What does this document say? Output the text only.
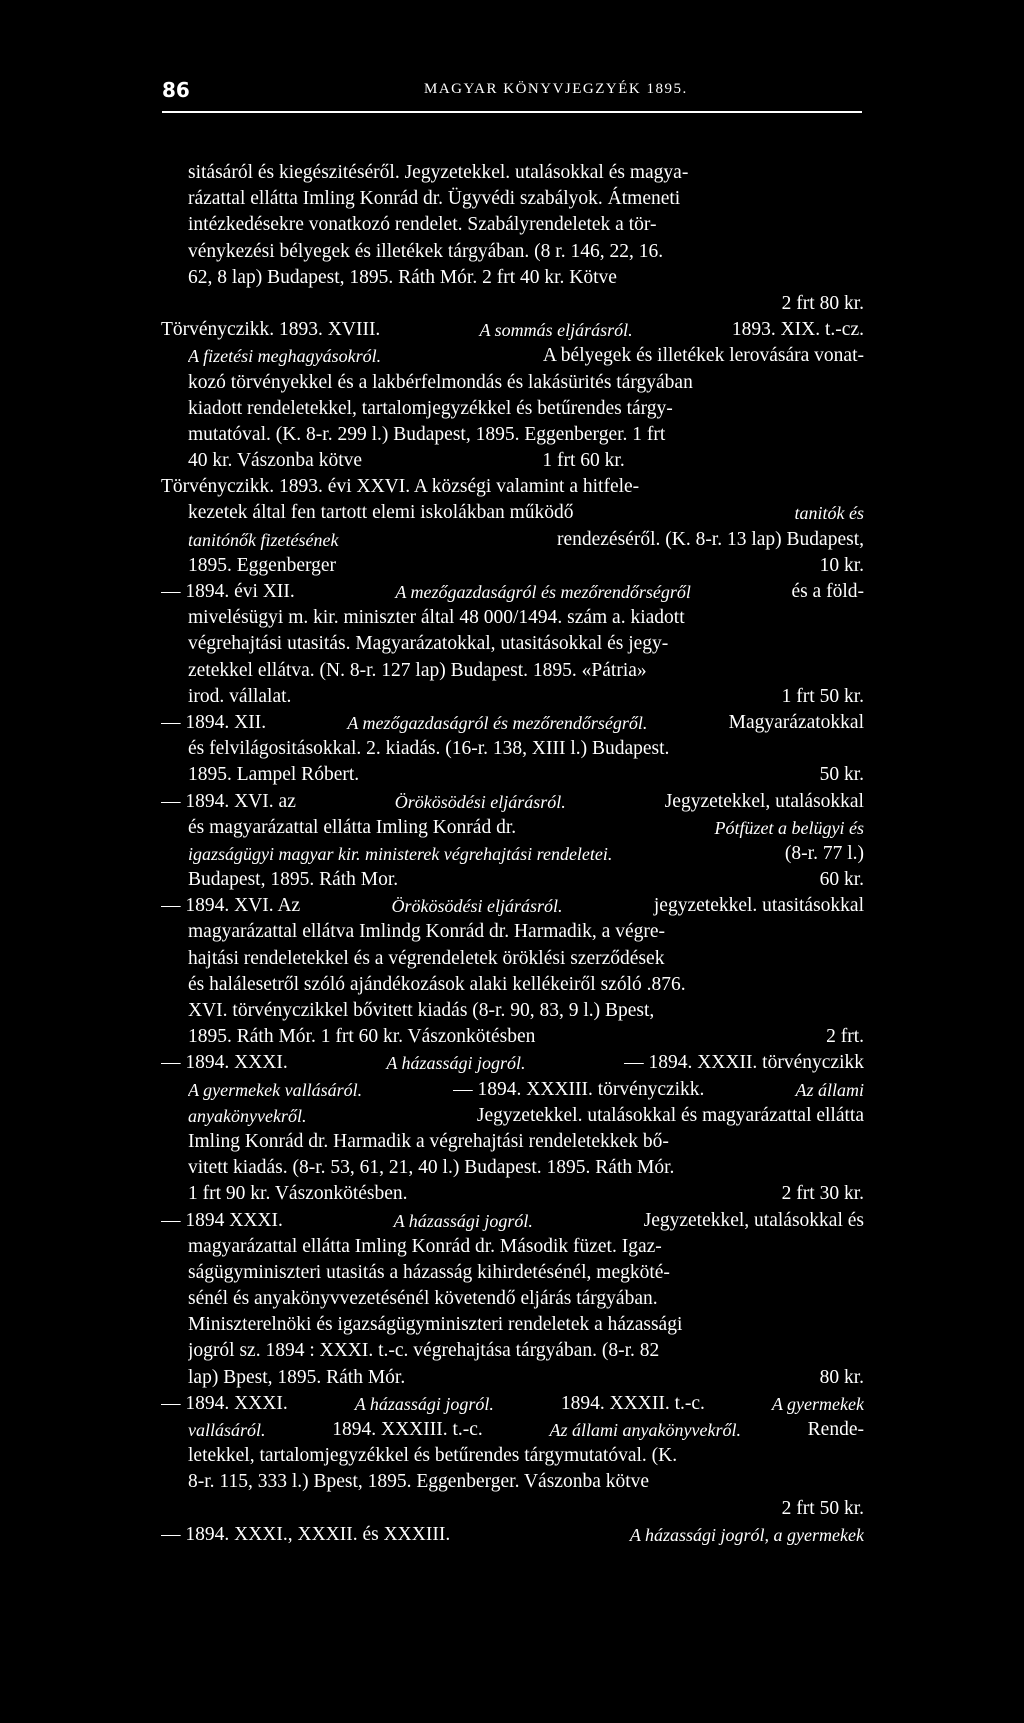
86	MAGYAR KÖNYVJEGZYÉK 1895.
sitásáról és kiegészitéséről. Jegyzetekkel. utalásokkal és magya-
rázattal ellátta Imling Konrád dr. Ügyvédi szabályok. Átmeneti
intézkedésekre vonatkozó rendelet. Szabályrendeletek a tör-
vénykezési bélyegek és illetékek tárgyában. (8 r. 146, 22, 16.
62, 8 lap) Budapest, 1895. Ráth Mór. 2 frt 40 kr. Kötve
2 frt 80 kr.
Törvényczikk. 1893. XVIII.	A sommás eljárásról.	1893. XIX. t.-cz.
A fizetési meghagyásokról.	A bélyegek és illetékek lerovására vonat-
kozó törvényekkel és a lakbérfelmondás és lakásürités tárgyában
kiadott rendeletekkel, tartalomjegyzékkel és betűrendes tárgy-
mutatóval. (K. 8-r. 299 l.) Budapest, 1895. Eggenberger. 1 frt
40 kr. Vászonba kötve                                     1 frt 60 kr.
Törvényczikk. 1893. évi XXVI. A községi valamint a hitfele-
kezetek által fen tartott elemi iskolákban működő	tanitók és
tanitónők fizetésének	rendezéséről. (K. 8-r. 13 lap) Budapest,
1895. Eggenberger	10 kr.
— 1894. évi XII.	A mezőgazdaságról és mezőrendőrségről	és a föld-
mivelésügyi m. kir. miniszter által 48 000/1494. szám a. kiadott
végrehajtási utasitás. Magyarázatokkal, utasitásokkal és jegy-
zetekkel ellátva. (N. 8-r. 127 lap) Budapest. 1895. «Pátria»
irod. vállalat.	1 frt 50 kr.
— 1894. XII.	A mezőgazdaságról és mezőrendőrségről.	Magyarázatokkal
és felvilágositásokkal. 2. kiadás. (16-r. 138, XIII l.) Budapest.
1895. Lampel Róbert.	50 kr.
— 1894. XVI. az	Örökösödési eljárásról.	Jegyzetekkel, utalásokkal
és magyarázattal ellátta Imling Konrád dr.	Pótfüzet a belügyi és
igazságügyi magyar kir. ministerek végrehajtási rendeletei.	(8-r. 77 l.)
Budapest, 1895. Ráth Mor.	60 kr.
— 1894. XVI. Az	Örökösödési eljárásról.	jegyzetekkel. utasitásokkal
magyarázattal ellátva Imlindg Konrád dr. Harmadik, a végre-
hajtási rendeletekkel és a végrendeletek öröklési szerződések
és halálesetről szóló ajándékozások alaki kellékeiről szóló .876.
XVI. törvényczikkel bővitett kiadás (8-r. 90, 83, 9 l.) Bpest,
1895. Ráth Mór. 1 frt 60 kr. Vászonkötésben	2 frt.
— 1894. XXXI.	A házassági jogról.	— 1894. XXXII. törvényczikk
A gyermekek vallásáról.	— 1894. XXXIII. törvényczikk.	Az állami
anyakönyvekről.	Jegyzetekkel. utalásokkal és magyarázattal ellátta
Imling Konrád dr. Harmadik a végrehajtási rendeletekkek bő-
vitett kiadás. (8-r. 53, 61, 21, 40 l.) Budapest. 1895. Ráth Mór.
1 frt 90 kr. Vászonkötésben.	2 frt 30 kr.
— 1894 XXXI.	A házassági jogról.	Jegyzetekkel, utalásokkal és
magyarázattal ellátta Imling Konrád dr. Második füzet. Igaz-
ságügyminiszteri utasitás a házasság kihirdetésénél, megköté-
sénél és anyakönyvvezetésénél követendő eljárás tárgyában.
Miniszterelnöki és igazságügyminiszteri rendeletek a házassági
jogról sz. 1894 : XXXI. t.-c. végrehajtása tárgyában. (8-r. 82
lap) Bpest, 1895. Ráth Mór.	80 kr.
— 1894. XXXI.	A házassági jogról.	1894. XXXII. t.-c.	A gyermekek
vallásáról.	1894. XXXIII. t.-c.	Az állami anyakönyvekről.	Rende-
letekkel, tartalomjegyzékkel és betűrendes tárgymutatóval. (K.
8-r. 115, 333 l.) Bpest, 1895. Eggenberger. Vászonba kötve
2 frt 50 kr.
— 1894. XXXI., XXXII. és XXXIII.	A házassági jogról, a gyermekek
